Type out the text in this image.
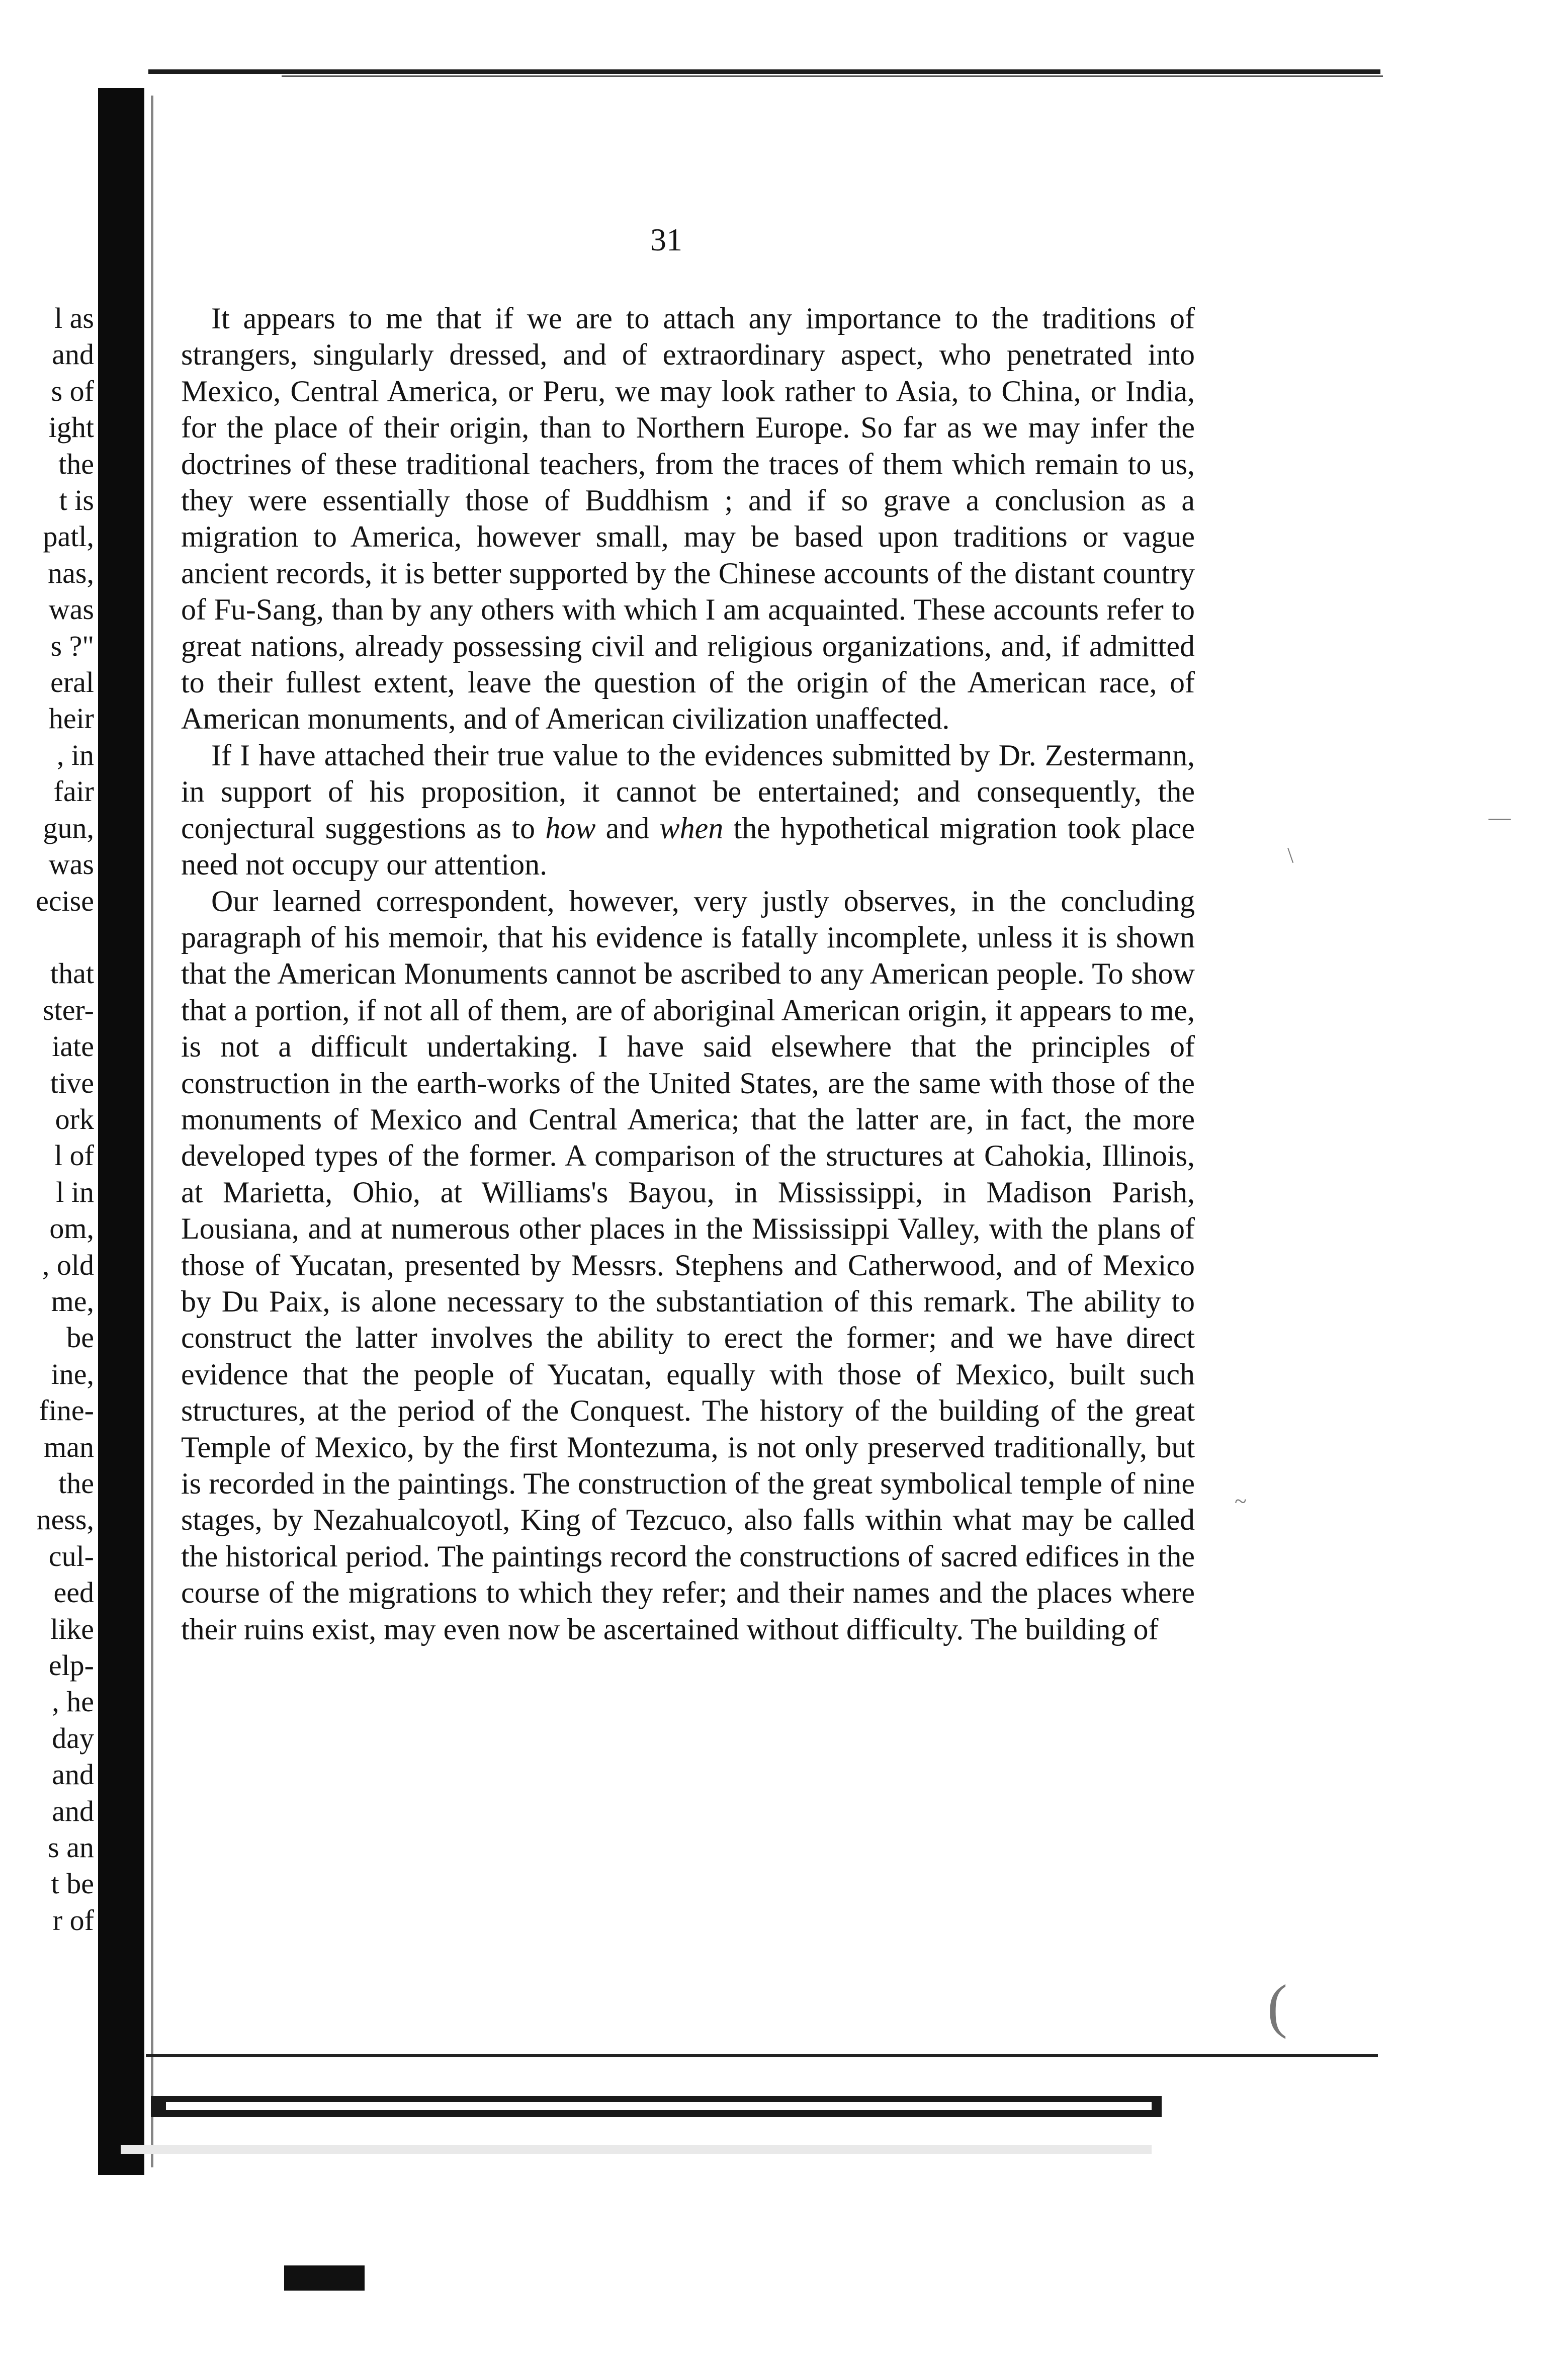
—
\
~
(
l as
and
s of
ight
the
t is
patl,
nas,
was
s ?"
eral
heir
, in
fair
gun,
was
ecise

that
ster-
iate
tive
ork
l of
l in
om,
, old
me,
be
ine,
fine-
man
the
ness,
cul-
eed
like
elp-
, he
day
and
and
s an
t be
r of
31

It appears to me that if we are to attach any importance to the traditions of strangers, singularly dressed, and of extraordinary aspect, who penetrated into Mexico, Central America, or Peru, we may look rather to Asia, to China, or India, for the place of their origin, than to Northern Europe. So far as we may infer the doctrines of these traditional teachers, from the traces of them which remain to us, they were essentially those of Buddhism ; and if so grave a conclusion as a migration to America, however small, may be based upon traditions or vague ancient records, it is better supported by the Chinese accounts of the distant country of Fu-Sang, than by any others with which I am acquainted. These accounts refer to great nations, already possessing civil and religious organizations, and, if admitted to their fullest extent, leave the question of the origin of the American race, of American monuments, and of American civilization unaffected.

If I have attached their true value to the evidences submitted by Dr. Zestermann, in support of his proposition, it cannot be entertained; and consequently, the conjectural suggestions as to how and when the hypothetical migration took place need not occupy our attention.

Our learned correspondent, however, very justly observes, in the concluding paragraph of his memoir, that his evidence is fatally incomplete, unless it is shown that the American Monuments cannot be ascribed to any American people. To show that a portion, if not all of them, are of aboriginal American origin, it appears to me, is not a difficult undertaking. I have said elsewhere that the principles of construction in the earth-works of the United States, are the same with those of the monuments of Mexico and Central America; that the latter are, in fact, the more developed types of the former. A comparison of the structures at Cahokia, Illinois, at Marietta, Ohio, at Williams's Bayou, in Mississippi, in Madison Parish, Lousiana, and at numerous other places in the Mississippi Valley, with the plans of those of Yucatan, presented by Messrs. Stephens and Catherwood, and of Mexico by Du Paix, is alone necessary to the substantiation of this remark. The ability to construct the latter involves the ability to erect the former; and we have direct evidence that the people of Yucatan, equally with those of Mexico, built such structures, at the period of the Conquest. The history of the building of the great Temple of Mexico, by the first Montezuma, is not only preserved traditionally, but is recorded in the paintings. The construction of the great symbolical temple of nine stages, by Nezahualcoyotl, King of Tezcuco, also falls within what may be called the historical period. The paintings record the constructions of sacred edifices in the course of the migrations to which they refer; and their names and the places where their ruins exist, may even now be ascertained without difficulty. The building of
